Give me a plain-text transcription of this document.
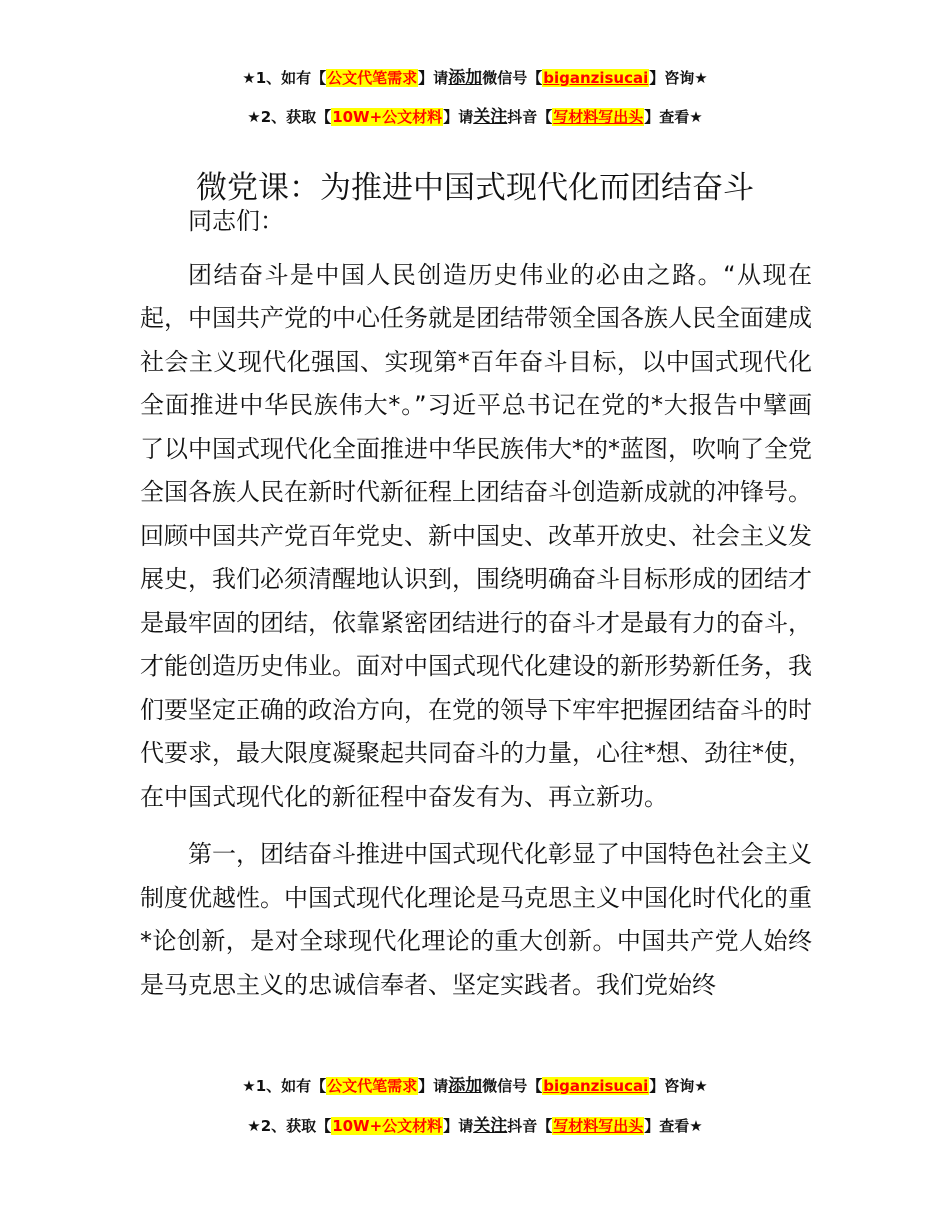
★1、如有【公文代笔需求】请添加微信号【biganzisucai】咨询★
★2、获取【10W+公文材料】请关注抖音【写材料写出头】查看★
微党课：为推进中国式现代化而团结奋斗

同志们：

团结奋斗是中国人民创造历史伟业的必由之路。“从现在起，中国共产党的中心任务就是团结带领全国各族人民全面建成社会主义现代化强国、实现第*百年奋斗目标，以中国式现代化全面推进中华民族伟大*。”习近平总书记在党的*大报告中擘画了以中国式现代化全面推进中华民族伟大*的*蓝图，吹响了全党全国各族人民在新时代新征程上团结奋斗创造新成就的冲锋号。回顾中国共产党百年党史、新中国史、改革开放史、社会主义发展史，我们必须清醒地认识到，围绕明确奋斗目标形成的团结才是最牢固的团结，依靠紧密团结进行的奋斗才是最有力的奋斗，才能创造历史伟业。面对中国式现代化建设的新形势新任务，我们要坚定正确的政治方向，在党的领导下牢牢把握团结奋斗的时代要求，最大限度凝聚起共同奋斗的力量，心往*想、劲往*使，在中国式现代化的新征程中奋发有为、再立新功。

第一，团结奋斗推进中国式现代化彰显了中国特色社会主义制度优越性。中国式现代化理论是马克思主义中国化时代化的重*论创新，是对全球现代化理论的重大创新。中国共产党人始终是马克思主义的忠诚信奉者、坚定实践者。我们党始终

★1、如有【公文代笔需求】请添加微信号【biganzisucai】咨询★
★2、获取【10W+公文材料】请关注抖音【写材料写出头】查看★
